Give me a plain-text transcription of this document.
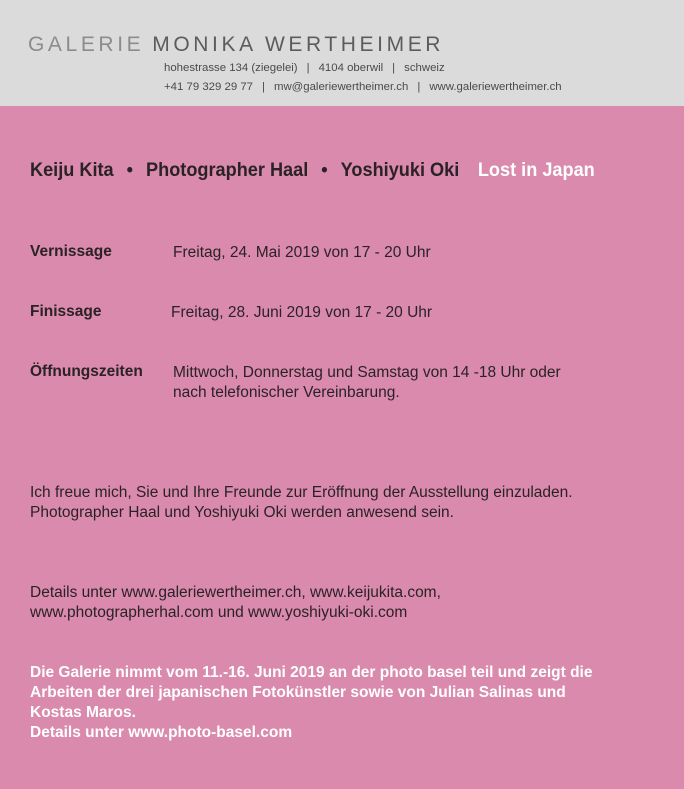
GALERIE MONIKA WERTHEIMER
hohestrasse 134 (ziegelei) | 4104 oberwil | schweiz
+41 79 329 29 77 | mw@galeriewertheimer.ch | www.galeriewertheimer.ch
Keiju Kita • Photographer Haal • Yoshiyuki Oki Lost in Japan
Vernissage	Freitag, 24. Mai 2019 von 17 - 20 Uhr
Finissage	Freitag, 28. Juni 2019 von 17 - 20 Uhr
Öffnungszeiten Mittwoch, Donnerstag und Samstag von 14 -18 Uhr oder
nach telefonischer Vereinbarung.
Ich freue mich, Sie und Ihre Freunde zur Eröffnung der Ausstellung einzuladen.
Photographer Haal und Yoshiyuki Oki werden anwesend sein.
Details unter www.galeriewertheimer.ch, www.keijukita.com,
www.photographerhal.com und www.yoshiyuki-oki.com
Die Galerie nimmt vom 11.-16. Juni 2019 an der photo basel teil und zeigt die
Arbeiten der drei japanischen Fotokünstler sowie von Julian Salinas und
Kostas Maros.
Details unter www.photo-basel.com
